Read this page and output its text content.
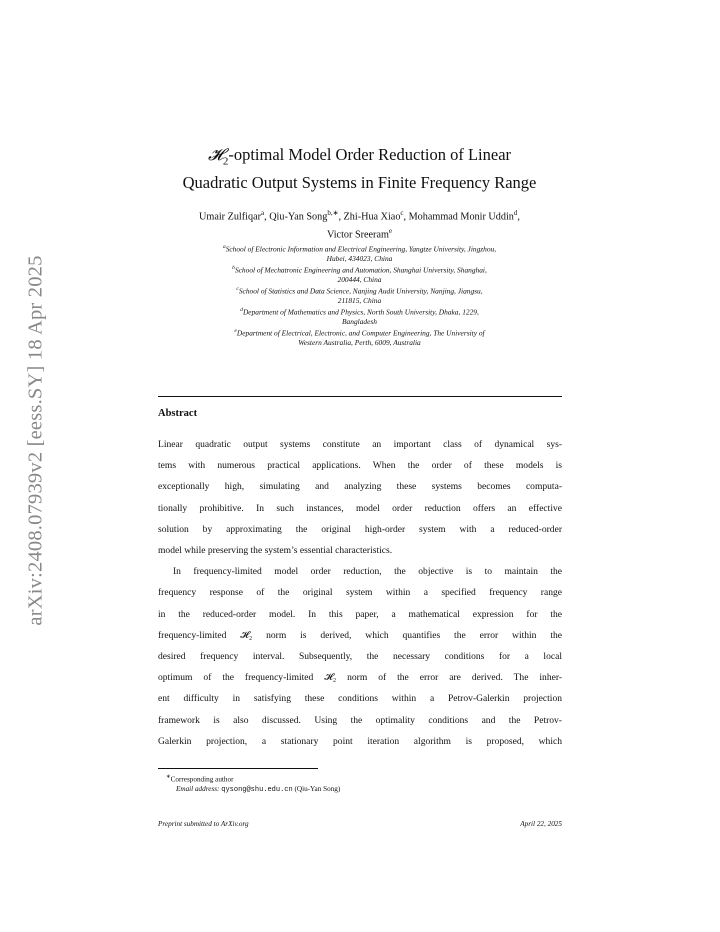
arXiv:2408.07939v2 [eess.SY] 18 Apr 2025
𝓗$_2$-optimal Model Order Reduction of Linear
Quadratic Output Systems in Finite Frequency Range
Umair Zulfiqar$^a$, Qiu-Yan Song$^{b,∗}$, Zhi-Hua Xiao$^c$, Mohammad Monir Uddin$^d$,
Victor Sreeram$^e$
$^a$School of Electronic Information and Electrical Engineering, Yangtze University, Jingzhou,
Hubei, 434023, China
$^b$School of Mechatronic Engineering and Automation, Shanghai University, Shanghai,
200444, China
$^c$School of Statistics and Data Science, Nanjing Audit University, Nanjing, Jiangsu,
211815, China
$^d$Department of Mathematics and Physics, North South University, Dhaka, 1229,
Bangladesh
$^e$Department of Electrical, Electronic, and Computer Engineering, The University of
Western Australia, Perth, 6009, Australia
Abstract

Linear quadratic output systems constitute an important class of dynamical sys-
tems with numerous practical applications. When the order of these models is
exceptionally high, simulating and analyzing these systems becomes computa-
tionally prohibitive. In such instances, model order reduction offers an effective
solution by approximating the original high-order system with a reduced-order
model while preserving the system’s essential characteristics.

In frequency-limited model order reduction, the objective is to maintain the
frequency response of the original system within a specified frequency range
in the reduced-order model. In this paper, a mathematical expression for the
frequency-limited 𝓗₂ norm is derived, which quantifies the error within the
desired frequency interval. Subsequently, the necessary conditions for a local
optimum of the frequency-limited 𝓗₂ norm of the error are derived. The inher-
ent difficulty in satisfying these conditions within a Petrov-Galerkin projection
framework is also discussed. Using the optimality conditions and the Petrov-
Galerkin projection, a stationary point iteration algorithm is proposed, which

∗Corresponding author
Email address: qysong@shu.edu.cn (Qiu-Yan Song)
Preprint submitted to ArXiv.org	April 22, 2025
